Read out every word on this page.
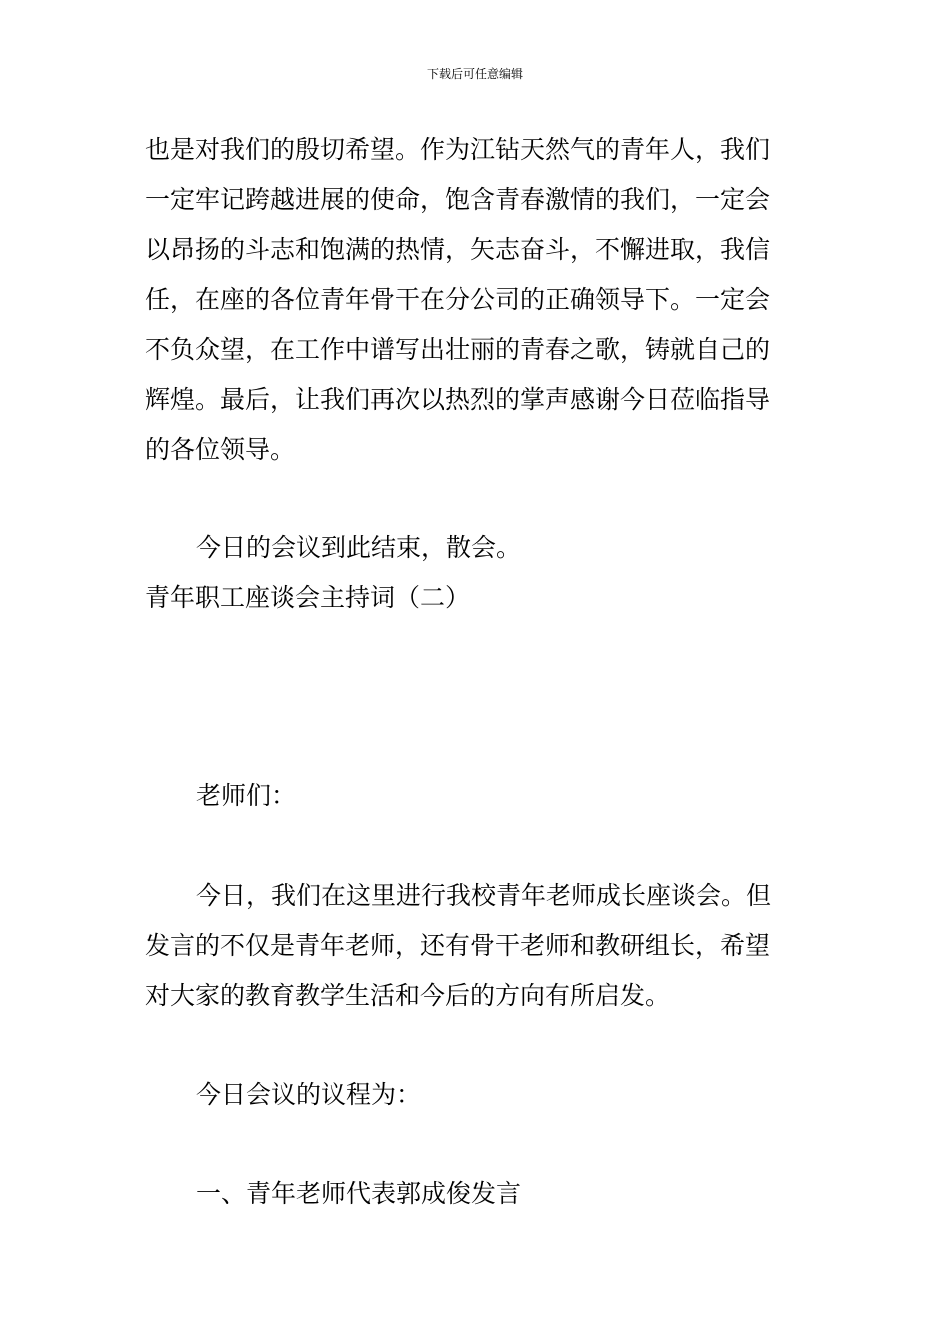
下载后可任意编辑
也是对我们的殷切希望。作为江钻天然气的青年人，我们
一定牢记跨越进展的使命，饱含青春激情的我们，一定会
以昂扬的斗志和饱满的热情，矢志奋斗，不懈进取，我信
任，在座的各位青年骨干在分公司的正确领导下。一定会
不负众望，在工作中谱写出壮丽的青春之歌，铸就自己的
辉煌。最后，让我们再次以热烈的掌声感谢今日莅临指导
的各位领导。
今日的会议到此结束，散会。
青年职工座谈会主持词（二）
老师们：
今日，我们在这里进行我校青年老师成长座谈会。但
发言的不仅是青年老师，还有骨干老师和教研组长，希望
对大家的教育教学生活和今后的方向有所启发。
今日会议的议程为：
一、青年老师代表郭成俊发言
